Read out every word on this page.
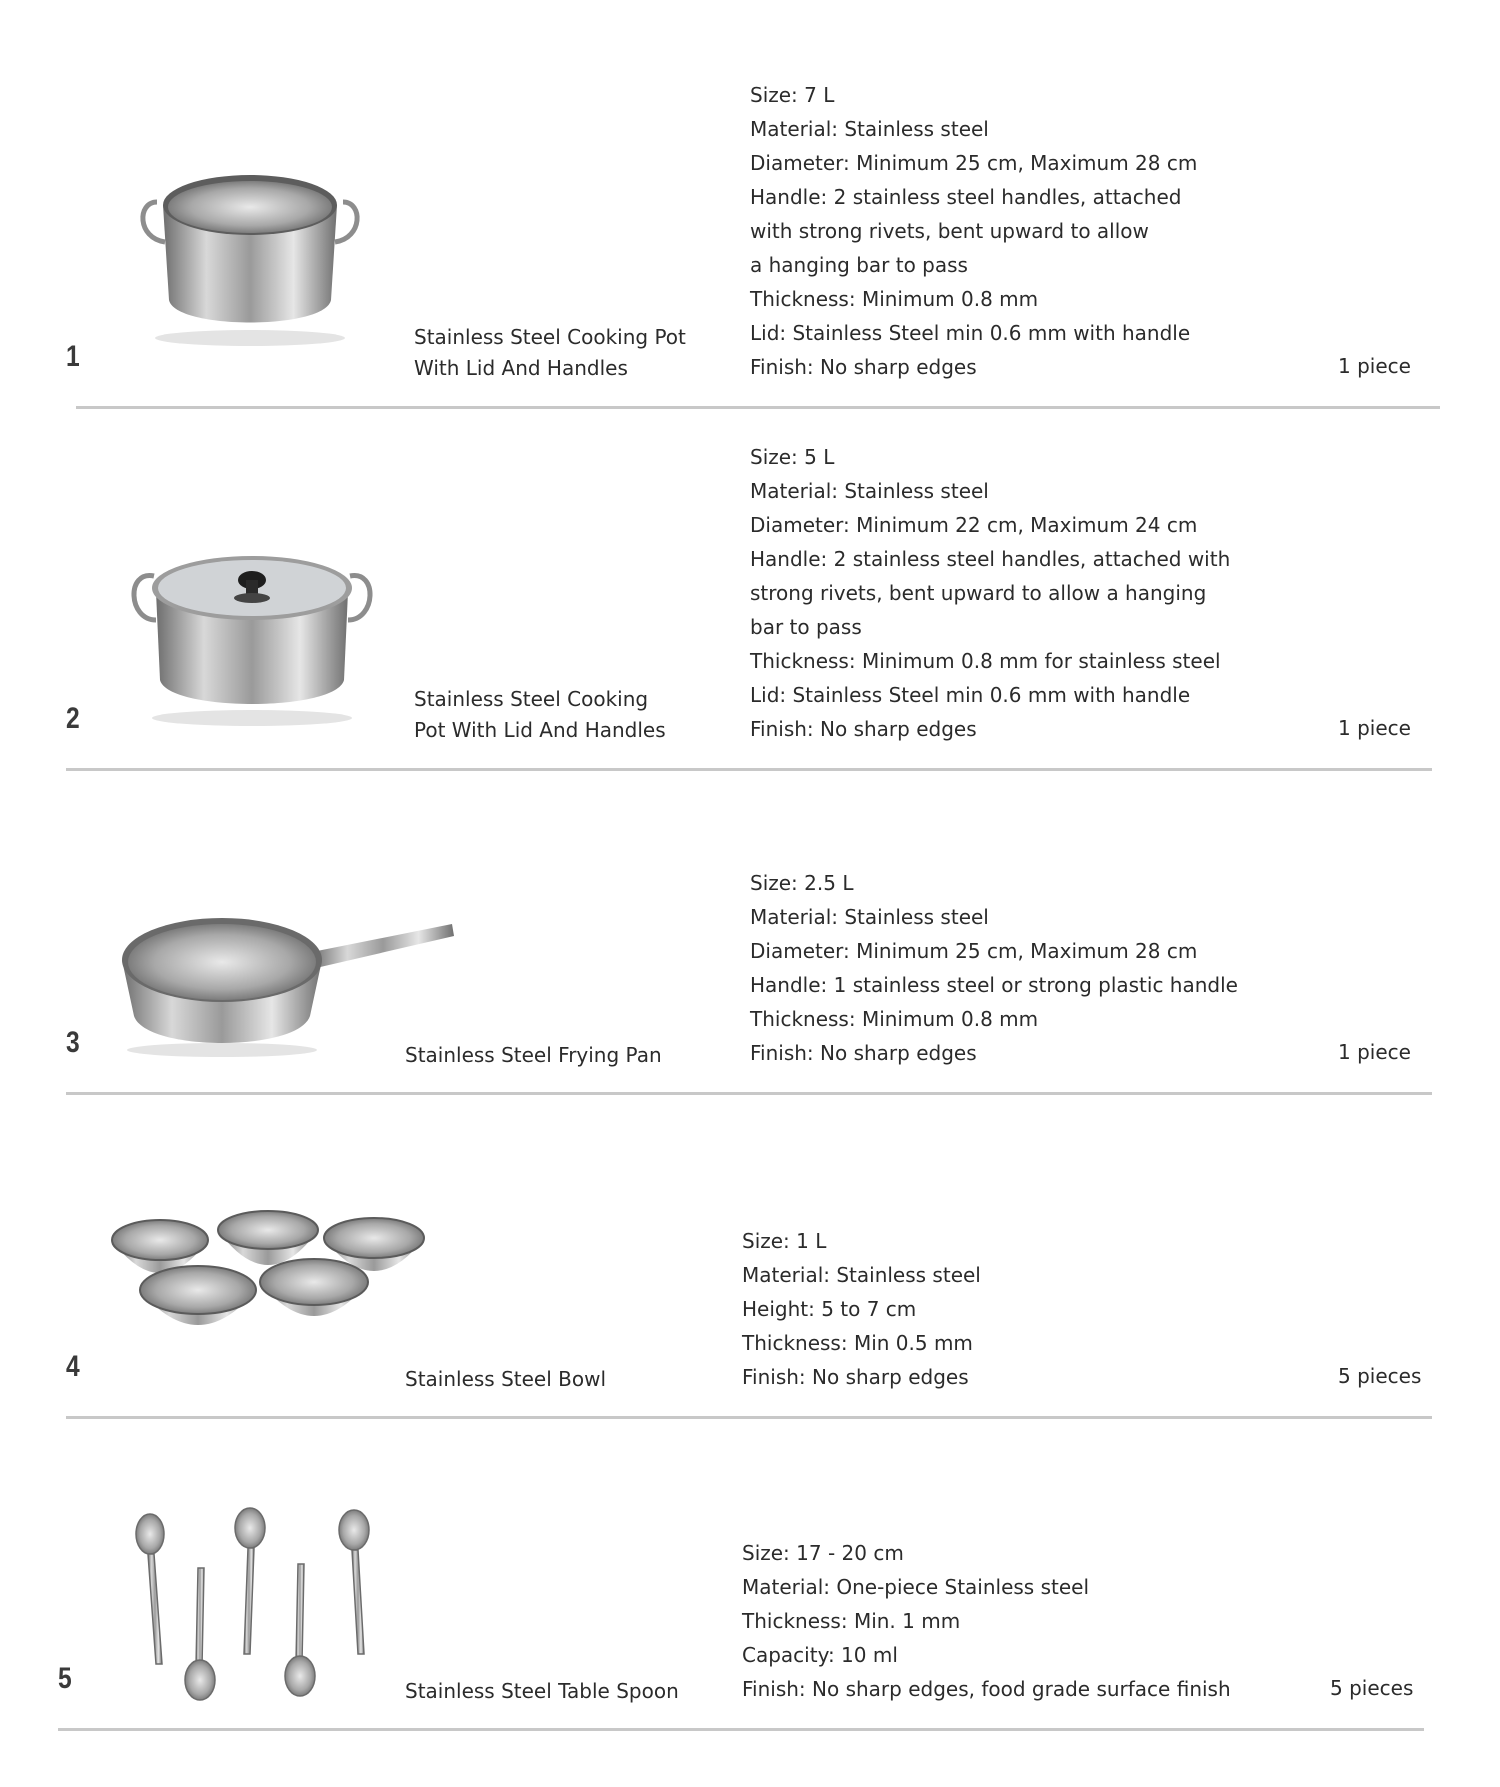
1
Stainless Steel Cooking Pot
With Lid And Handles
Size: 7 L
Material: Stainless steel
Diameter: Minimum 25 cm, Maximum 28 cm
Handle: 2 stainless steel handles, attached
with strong rivets, bent upward to allow
a hanging bar to pass
Thickness: Minimum 0.8 mm
Lid: Stainless Steel min 0.6 mm with handle
Finish: No sharp edges	1 piece
2
Stainless Steel Cooking
Pot With Lid And Handles
Size: 5 L
Material: Stainless steel
Diameter: Minimum 22 cm, Maximum 24 cm
Handle: 2 stainless steel handles, attached with
strong rivets, bent upward to allow a hanging
bar to pass
Thickness: Minimum 0.8 mm for stainless steel
Lid: Stainless Steel min 0.6 mm with handle
Finish: No sharp edges	1 piece
3	Stainless Steel Frying Pan
Size: 2.5 L
Material: Stainless steel
Diameter: Minimum 25 cm, Maximum 28 cm
Handle: 1 stainless steel or strong plastic handle
Thickness: Minimum 0.8 mm
Finish: No sharp edges	1 piece
4	Stainless Steel Bowl
Size: 1 L
Material: Stainless steel
Height: 5 to 7 cm
Thickness: Min 0.5 mm
Finish: No sharp edges	5 pieces
5	Stainless Steel Table Spoon
Size: 17 - 20 cm
Material: One-piece Stainless steel
Thickness: Min. 1 mm
Capacity: 10 ml
Finish: No sharp edges, food grade surface finish	5 pieces
